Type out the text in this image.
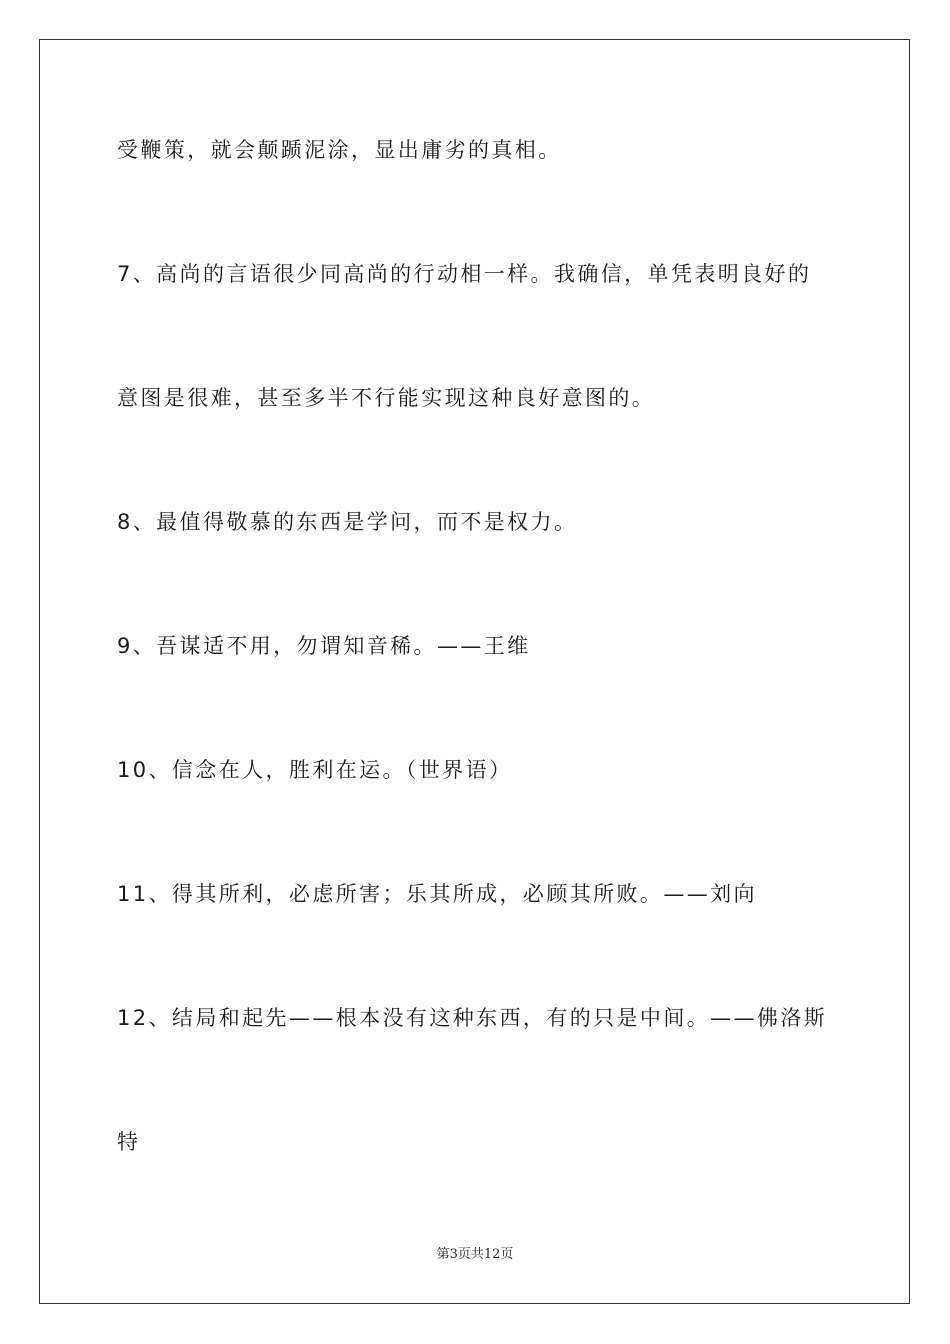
受鞭策，就会颠踬泥涂，显出庸劣的真相。
7、高尚的言语很少同高尚的行动相一样。我确信，单凭表明良好的
意图是很难，甚至多半不行能实现这种良好意图的。
8、最值得敬慕的东西是学问，而不是权力。
9、吾谋适不用，勿谓知音稀。——王维
10、信念在人，胜利在运。（世界语）
11、得其所利，必虑所害；乐其所成，必顾其所败。——刘向
12、结局和起先——根本没有这种东西，有的只是中间。——佛洛斯
特
第3页共12页
